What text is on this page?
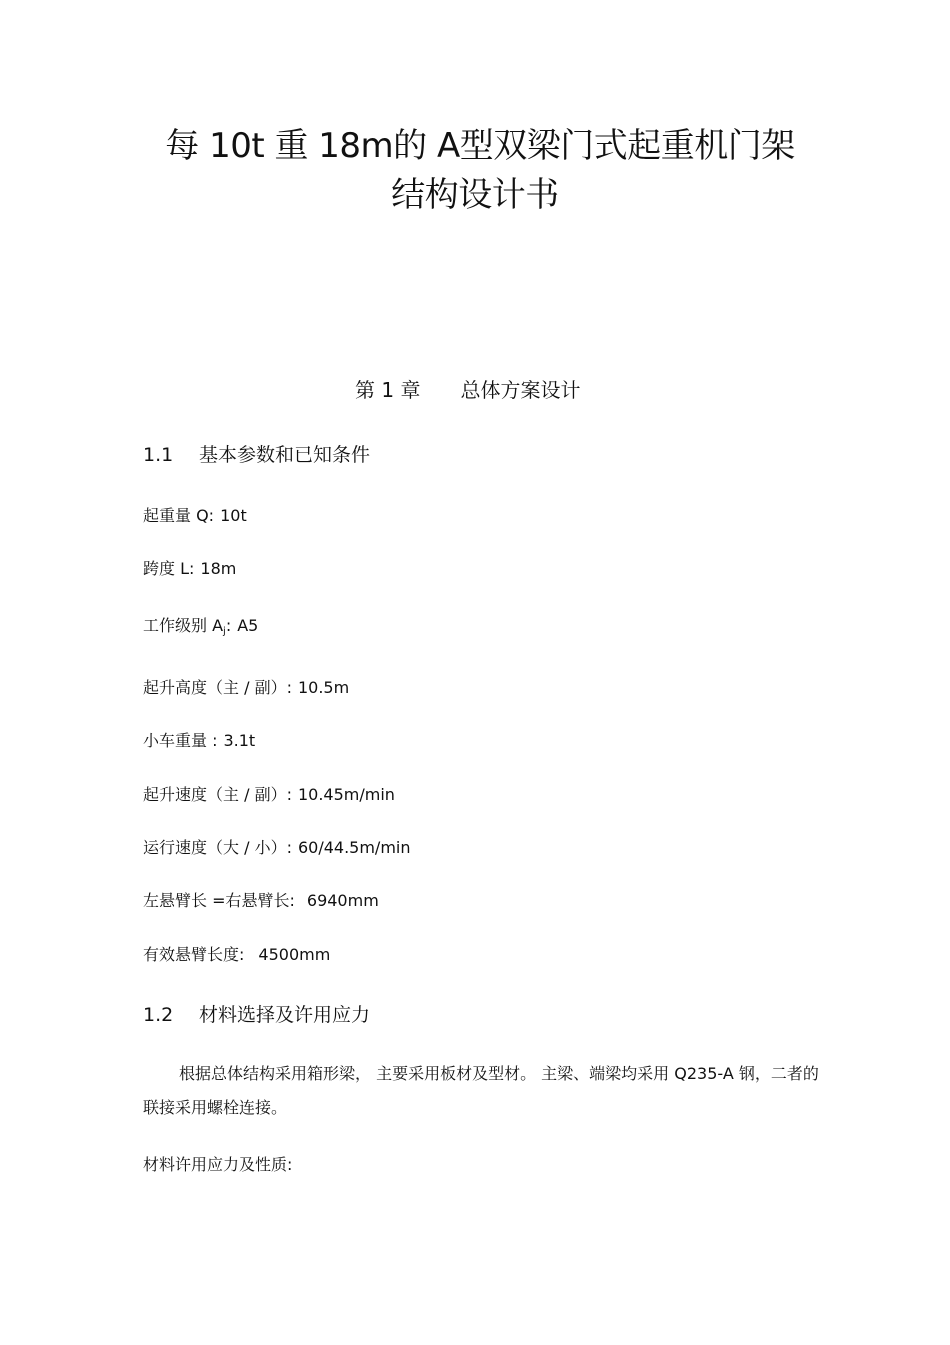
每 10t 重 18m的 A型双梁门式起重机门架
结构设计书
第 1 章 总体方案设计
1.1 基本参数和已知条件
起重量 Q: 10t
跨度 L: 18m
工作级别 $A_j$: A5
起升高度（主 / 副）: 10.5m
小车重量 : 3.1t
起升速度（主 / 副）: 10.45m/min
运行速度（大 / 小）: 60/44.5m/min
左悬臂长 =右悬臂长: 6940mm
有效悬臂长度: 4500mm
1.2 材料选择及许用应力
根据总体结构采用箱形梁， 主要采用板材及型材。 主梁、端梁均采用 Q235-A 钢，二者的联接采用螺栓连接。
材料许用应力及性质:
